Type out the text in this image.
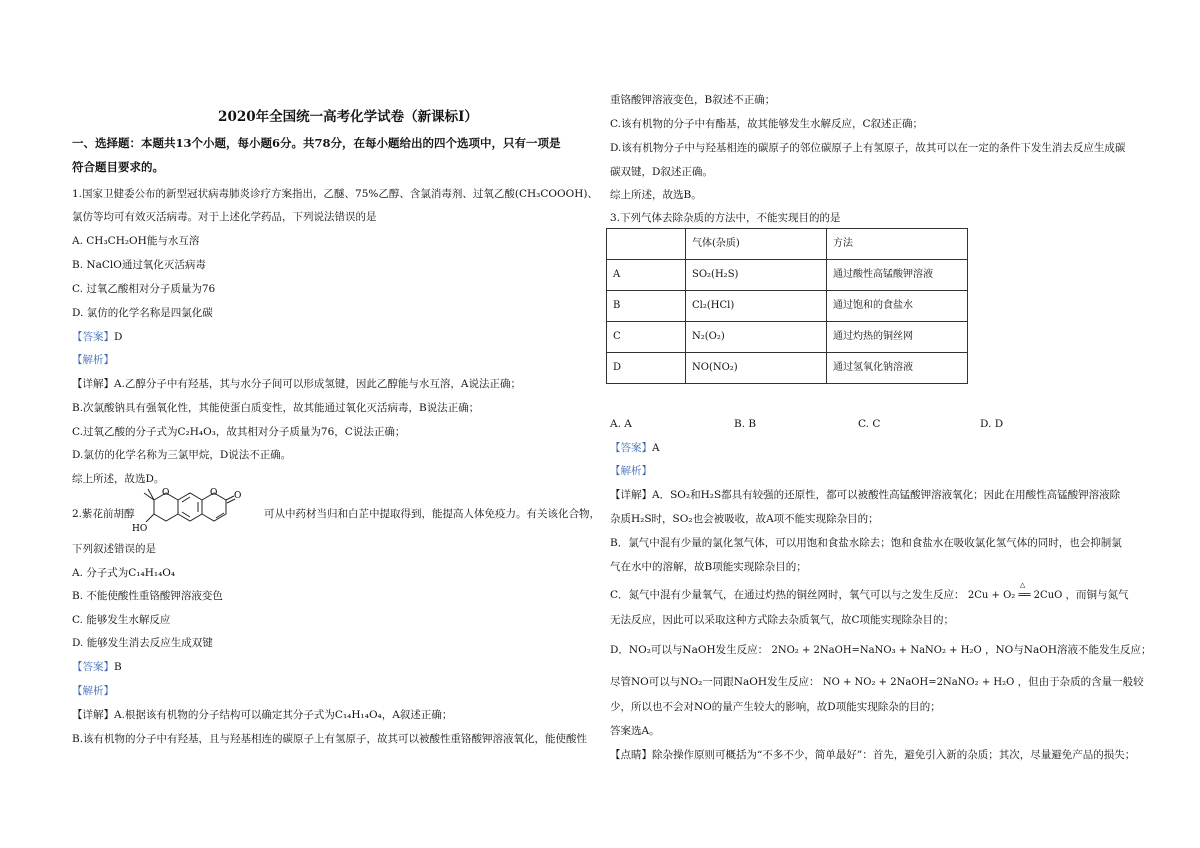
2020年全国统一高考化学试卷（新课标Ⅰ）
一、选择题：本题共13个小题，每小题6分。共78分，在每小题给出的四个选项中，只有一项是
符合题目要求的。
1.国家卫健委公布的新型冠状病毒肺炎诊疗方案指出，乙醚、75%乙醇、含氯消毒剂、过氧乙酸(CH₃COOOH)、
氯仿等均可有效灭活病毒。对于上述化学药品，下列说法错误的是
A. CH₃CH₂OH能与水互溶
B. NaClO通过氧化灭活病毒
C. 过氧乙酸相对分子质量为76
D. 氯仿的化学名称是四氯化碳
【答案】D
【解析】
【详解】A.乙醇分子中有羟基，其与水分子间可以形成氢键，因此乙醇能与水互溶，A说法正确；
B.次氯酸钠具有强氧化性，其能使蛋白质变性，故其能通过氧化灭活病毒，B说法正确；
C.过氧乙酸的分子式为C₂H₄O₃，故其相对分子质量为76，C说法正确；
D.氯仿的化学名称为三氯甲烷，D说法不正确。
综上所述，故选D。
2.紫花前胡醇
O	O O
HO
可从中药材当归和白芷中提取得到，能提高人体免疫力。有关该化合物，
下列叙述错误的是
A. 分子式为C₁₄H₁₄O₄
B. 不能使酸性重铬酸钾溶液变色
C. 能够发生水解反应
D. 能够发生消去反应生成双键
【答案】B
【解析】
【详解】A.根据该有机物的分子结构可以确定其分子式为C₁₄H₁₄O₄，A叙述正确；
B.该有机物的分子中有羟基，且与羟基相连的碳原子上有氢原子，故其可以被酸性重铬酸钾溶液氧化，能使酸性
重铬酸钾溶液变色，B叙述不正确；
C.该有机物的分子中有酯基，故其能够发生水解反应，C叙述正确；
D.该有机物分子中与羟基相连的碳原子的邻位碳原子上有氢原子，故其可以在一定的条件下发生消去反应生成碳
碳双键，D叙述正确。
综上所述，故选B。
3.下列气体去除杂质的方法中，不能实现目的的是
	气体(杂质)	方法
A	SO₂(H₂S)	通过酸性高锰酸钾溶液
B	Cl₂(HCl)	通过饱和的食盐水
C	N₂(O₂)	通过灼热的铜丝网
D	NO(NO₂)	通过氢氧化钠溶液
A. A	B. B	C. C	D. D
【答案】A
【解析】
【详解】A．SO₂和H₂S都具有较强的还原性，都可以被酸性高锰酸钾溶液氧化；因此在用酸性高锰酸钾溶液除
杂质H₂S时，SO₂也会被吸收，故A项不能实现除杂目的；
B．氯气中混有少量的氯化氢气体，可以用饱和食盐水除去；饱和食盐水在吸收氯化氢气体的同时，也会抑制氯
气在水中的溶解，故B项能实现除杂目的；
C．氮气中混有少量氧气，在通过灼热的铜丝网时，氧气可以与之发生反应：
△
2Cu + O₂ ══ 2CuO ，而铜与氮气
无法反应，因此可以采取这种方式除去杂质氧气，故C项能实现除杂目的；
D．NO₂可以与NaOH发生反应： 2NO₂ + 2NaOH=NaNO₃ + NaNO₂ + H₂O ，NO与NaOH溶液不能发生反应；
尽管NO可以与NO₂一同跟NaOH发生反应： NO + NO₂ + 2NaOH=2NaNO₂ + H₂O ，但由于杂质的含量一般较
少，所以也不会对NO的量产生较大的影响，故D项能实现除杂的目的；
答案选A。
【点睛】除杂操作原则可概括为“不多不少，简单最好”：首先，避免引入新的杂质；其次，尽量避免产品的损失；
